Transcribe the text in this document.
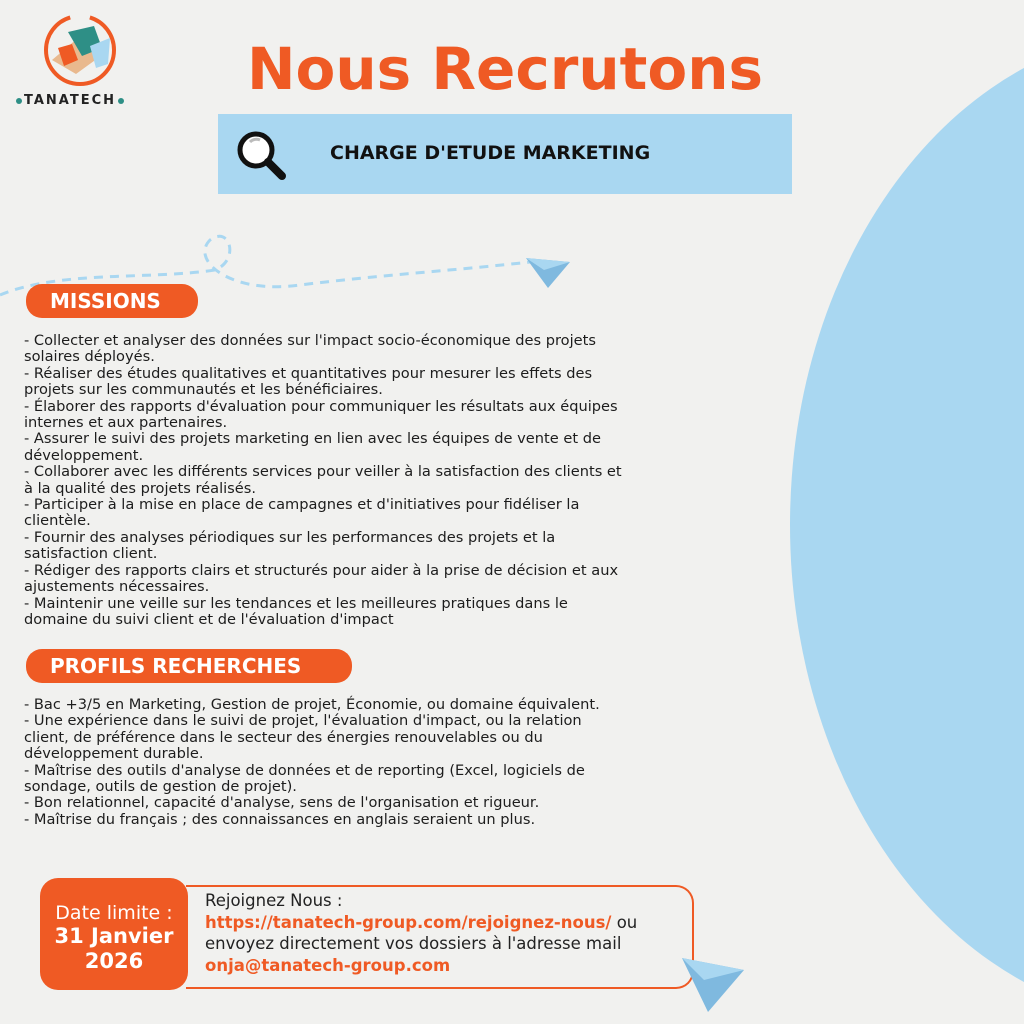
TANATECH	Nous Recrutons
CHARGE D'ETUDE MARKETING
MISSIONS
- Collecter et analyser des données sur l'impact socio-économique des projets
solaires déployés.
- Réaliser des études qualitatives et quantitatives pour mesurer les effets des
projets sur les communautés et les bénéficiaires.
- Élaborer des rapports d'évaluation pour communiquer les résultats aux équipes
internes et aux partenaires.
- Assurer le suivi des projets marketing en lien avec les équipes de vente et de
développement.
- Collaborer avec les différents services pour veiller à la satisfaction des clients et
à la qualité des projets réalisés.
- Participer à la mise en place de campagnes et d'initiatives pour fidéliser la
clientèle.
- Fournir des analyses périodiques sur les performances des projets et la
satisfaction client.
- Rédiger des rapports clairs et structurés pour aider à la prise de décision et aux
ajustements nécessaires.
- Maintenir une veille sur les tendances et les meilleures pratiques dans le
domaine du suivi client et de l'évaluation d'impact
PROFILS RECHERCHES
- Bac +3/5 en Marketing, Gestion de projet, Économie, ou domaine équivalent.
- Une expérience dans le suivi de projet, l'évaluation d'impact, ou la relation
client, de préférence dans le secteur des énergies renouvelables ou du
développement durable.
- Maîtrise des outils d'analyse de données et de reporting (Excel, logiciels de
sondage, outils de gestion de projet).
- Bon relationnel, capacité d'analyse, sens de l'organisation et rigueur.
- Maîtrise du français ; des connaissances en anglais seraient un plus.
Date limite :
31 Janvier
2026
Rejoignez Nous :
https://tanatech-group.com/rejoignez-nous/ ou
envoyez directement vos dossiers à l'adresse mail
onja@tanatech-group.com
